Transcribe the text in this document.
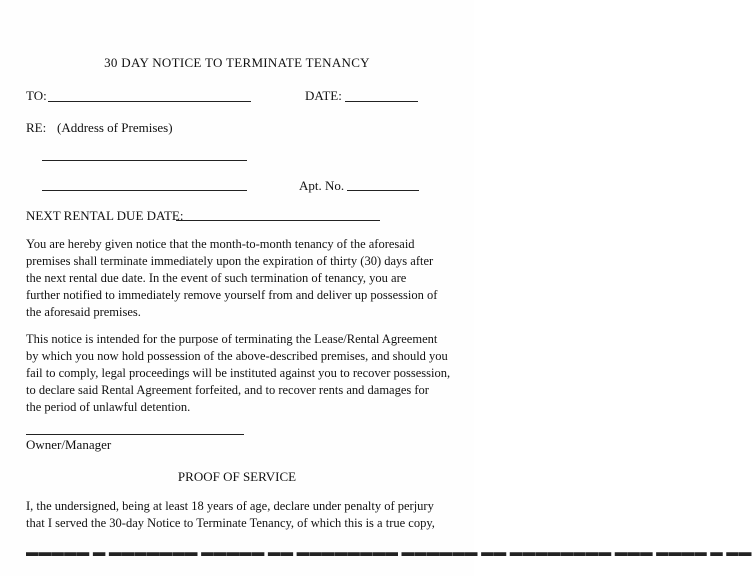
30 DAY NOTICE TO TERMINATE TENANCY
TO:	DATE:
RE: (Address of Premises)
Apt. No.
NEXT RENTAL DUE DATE:
You are hereby given notice that the month-to-month tenancy of the aforesaid
premises shall terminate immediately upon the expiration of thirty (30) days after
the next rental due date. In the event of such termination of tenancy, you are
further notified to immediately remove yourself from and deliver up possession of
the aforesaid premises.
This notice is intended for the purpose of terminating the Lease/Rental Agreement
by which you now hold possession of the above-described premises, and should you
fail to comply, legal proceedings will be instituted against you to recover possession,
to declare said Rental Agreement forfeited, and to recover rents and damages for
the period of unlawful detention.
Owner/Manager
PROOF OF SERVICE
I, the undersigned, being at least 18 years of age, declare under penalty of perjury
that I served the 30-day Notice to Terminate Tenancy, of which this is a true copy,
▬▬▬▬▬ ▬ ▬▬▬▬▬▬▬ ▬▬▬▬▬ ▬▬ ▬▬▬▬▬▬▬▬ ▬▬▬▬▬▬ ▬▬ ▬▬▬▬▬▬▬▬ ▬▬▬ ▬▬▬▬ ▬ ▬▬
